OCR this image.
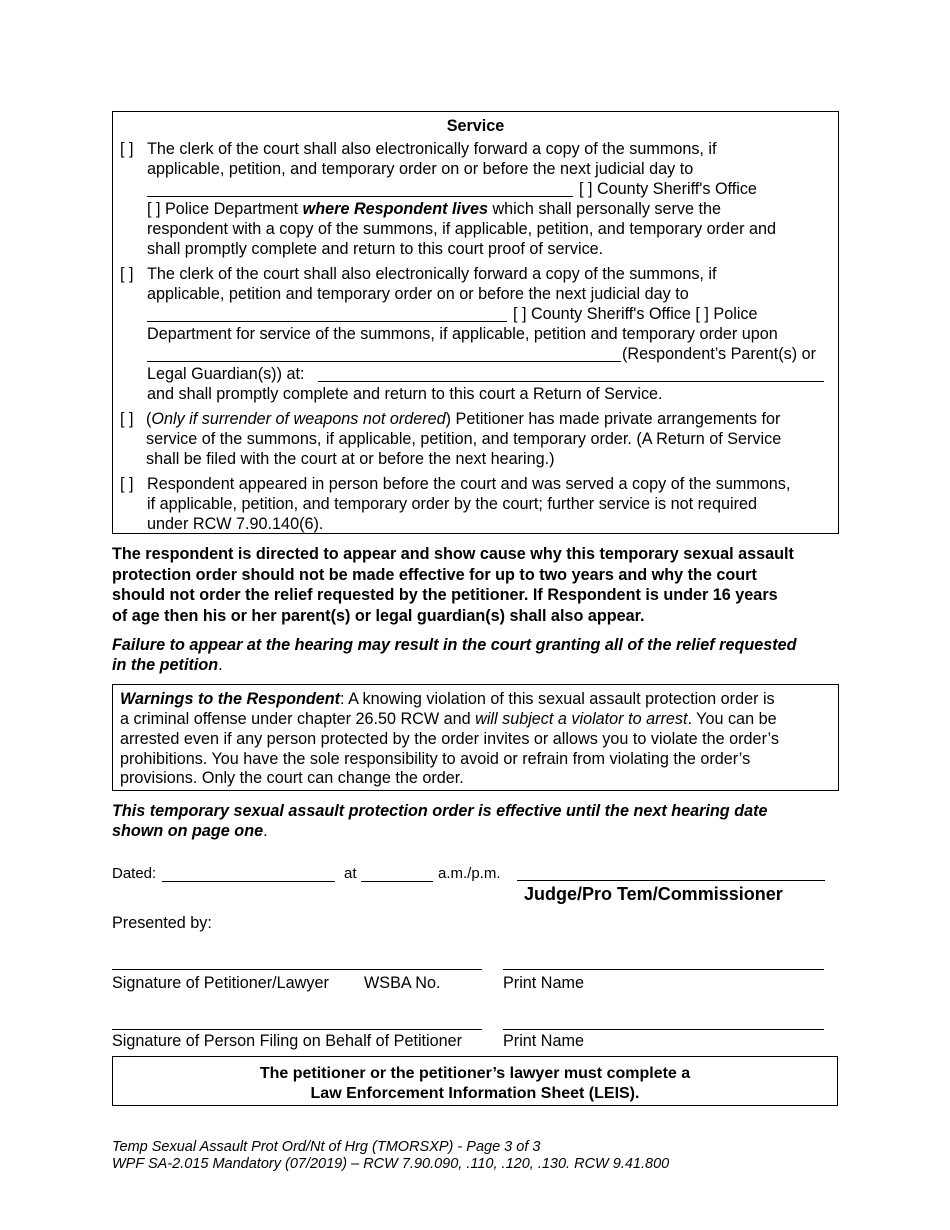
Service
[ ] The clerk of the court shall also electronically forward a copy of the summons, if
applicable, petition, and temporary order on or before the next judicial day to
[ ] County Sheriff's Office
[ ] Police Department where Respondent lives which shall personally serve the
respondent with a copy of the summons, if applicable, petition, and temporary order and
shall promptly complete and return to this court proof of service.
[ ] The clerk of the court shall also electronically forward a copy of the summons, if
applicable, petition and temporary order on or before the next judicial day to
[ ] County Sheriff's Office [ ] Police
Department for service of the summons, if applicable, petition and temporary order upon
(Respondent’s Parent(s) or
Legal Guardian(s)) at:
and shall promptly complete and return to this court a Return of Service.
[ ] (Only if surrender of weapons not ordered) Petitioner has made private arrangements for
service of the summons, if applicable, petition, and temporary order. (A Return of Service
shall be filed with the court at or before the next hearing.)
[ ] Respondent appeared in person before the court and was served a copy of the summons,
if applicable, petition, and temporary order by the court; further service is not required
under RCW 7.90.140(6).
The respondent is directed to appear and show cause why this temporary sexual assault
protection order should not be made effective for up to two years and why the court
should not order the relief requested by the petitioner. If Respondent is under 16 years
of age then his or her parent(s) or legal guardian(s) shall also appear.
Failure to appear at the hearing may result in the court granting all of the relief requested
in the petition.
Warnings to the Respondent: A knowing violation of this sexual assault protection order is
a criminal offense under chapter 26.50 RCW and will subject a violator to arrest. You can be
arrested even if any person protected by the order invites or allows you to violate the order’s
prohibitions. You have the sole responsibility to avoid or refrain from violating the order’s
provisions. Only the court can change the order.
This temporary sexual assault protection order is effective until the next hearing date
shown on page one.
Dated:	at	a.m./p.m.
Judge/Pro Tem/Commissioner
Presented by:
Signature of Petitioner/Lawyer WSBA No.	Print Name
Signature of Person Filing on Behalf of Petitioner	Print Name
The petitioner or the petitioner’s lawyer must complete a
Law Enforcement Information Sheet (LEIS).
Temp Sexual Assault Prot Ord/Nt of Hrg (TMORSXP) - Page 3 of 3
WPF SA-2.015 Mandatory (07/2019) – RCW 7.90.090, .110, .120, .130. RCW 9.41.800
